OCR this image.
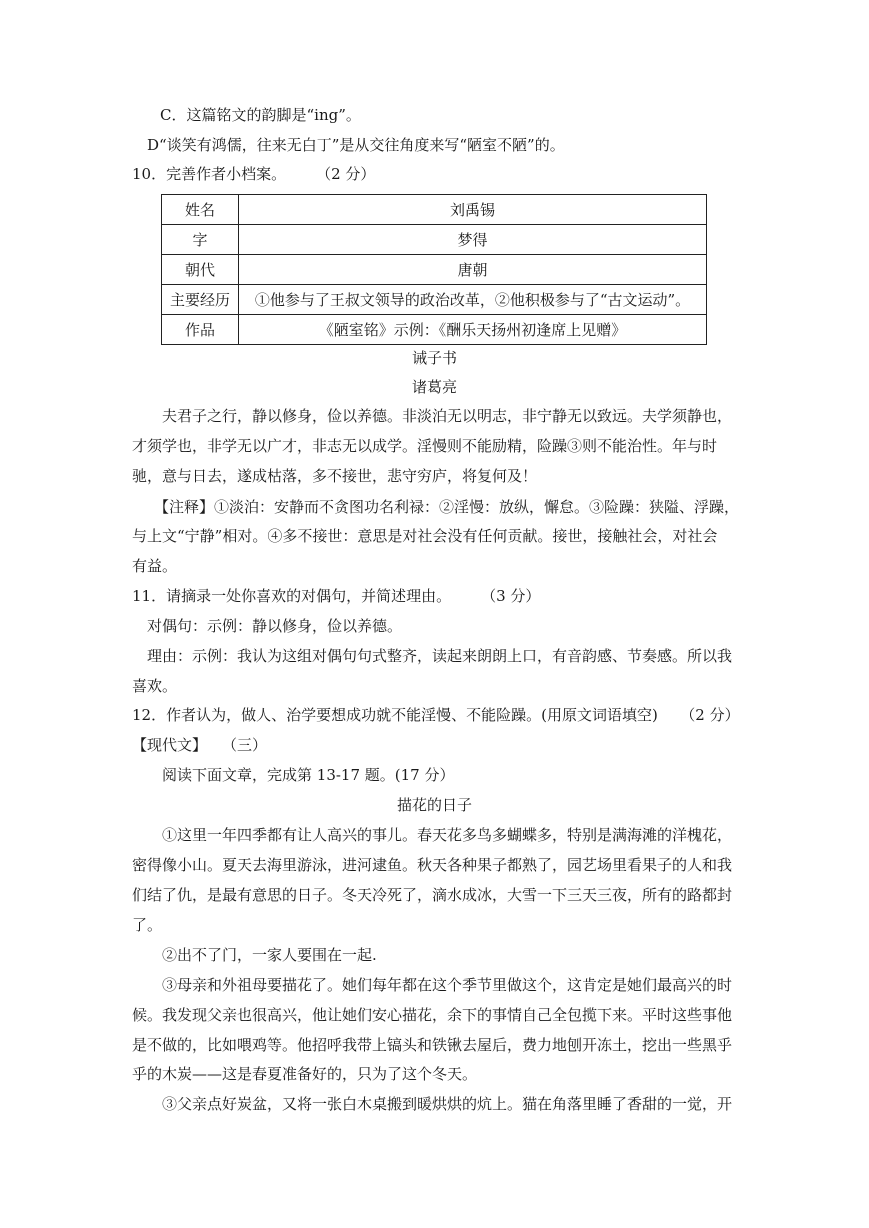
C．这篇铭文的韵脚是“ing”。
D“谈笑有鸿儒，往来无白丁”是从交往角度来写“陋室不陋”的。
10．完善作者小档案。　　　（2 分）
姓名	刘禹锡
字	梦得
朝代	唐朝
主要经历	①他参与了王叔文领导的政治改革，②他积极参与了“古文运动”。
作品	《陋室铭》示例：《酬乐天扬州初逢席上见赠》
诫子书
诸葛亮
夫君子之行，静以修身，俭以养德。非淡泊无以明志，非宁静无以致远。夫学须静也，
才须学也，非学无以广才，非志无以成学。淫慢则不能励精，险躁③则不能治性。年与时
驰，意与日去，遂成枯落，多不接世，悲守穷庐，将复何及！
【注释】①淡泊：安静而不贪图功名利禄：②淫慢：放纵，懈怠。③险躁：狭隘、浮躁，
与上文“宁静”相对。④多不接世：意思是对社会没有任何贡献。接世，接触社会，对社会
有益。
11．请摘录一处你喜欢的对偶句，并简述理由。　　　（3 分）
对偶句：示例：静以修身，俭以养德。
理由：示例：我认为这组对偶句句式整齐，读起来朗朗上口，有音韵感、节奏感。所以我
喜欢。
12．作者认为，做人、治学要想成功就不能淫慢、不能险躁。(用原文词语填空)　　（2 分）
【现代文】　　（三）
阅读下面文章，完成第 13-17 题。(17 分）
描花的日子
①这里一年四季都有让人高兴的事儿。春天花多鸟多蝴蝶多，特别是满海滩的洋槐花，
密得像小山。夏天去海里游泳，进河逮鱼。秋天各种果子都熟了，园艺场里看果子的人和我
们结了仇，是最有意思的日子。冬天冷死了，滴水成冰，大雪一下三天三夜，所有的路都封
了。
②出不了门，一家人要围在一起.
③母亲和外祖母要描花了。她们每年都在这个季节里做这个，这肯定是她们最高兴的时
候。我发现父亲也很高兴，他让她们安心描花，余下的事情自己全包揽下来。平时这些事他
是不做的，比如喂鸡等。他招呼我带上镐头和铁锹去屋后，费力地刨开冻土，挖出一些黑乎
乎的木炭——这是春夏准备好的，只为了这个冬天。
③父亲点好炭盆，又将一张白木桌搬到暖烘烘的炕上。猫在角落里睡了香甜的一觉，开
